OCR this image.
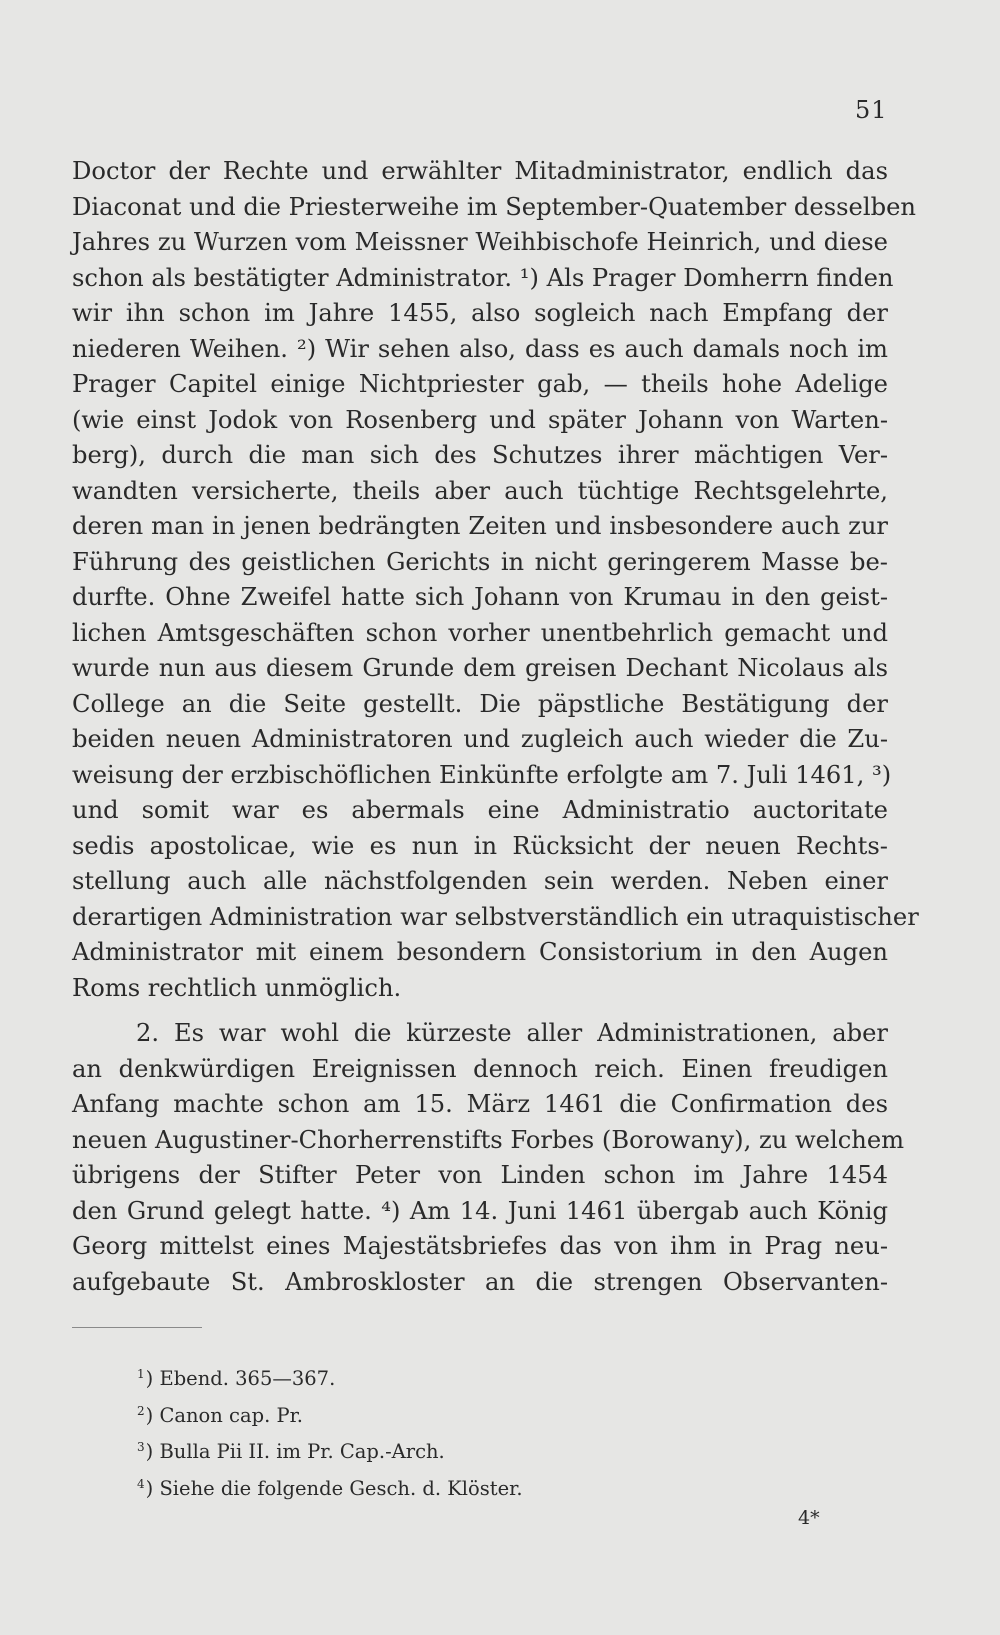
51
Doctor der Rechte und erwählter Mitadministrator, endlich das
Diaconat und die Priesterweihe im September-Quatember desselben
Jahres zu Wurzen vom Meissner Weihbischofe Heinrich, und diese
schon als bestätigter Administrator. ¹) Als Prager Domherrn finden
wir ihn schon im Jahre 1455, also sogleich nach Empfang der
niederen Weihen. ²) Wir sehen also, dass es auch damals noch im
Prager Capitel einige Nichtpriester gab, — theils hohe Adelige
(wie einst Jodok von Rosenberg und später Johann von Warten-
berg), durch die man sich des Schutzes ihrer mächtigen Ver-
wandten versicherte, theils aber auch tüchtige Rechtsgelehrte,
deren man in jenen bedrängten Zeiten und insbesondere auch zur
Führung des geistlichen Gerichts in nicht geringerem Masse be-
durfte. Ohne Zweifel hatte sich Johann von Krumau in den geist-
lichen Amtsgeschäften schon vorher unentbehrlich gemacht und
wurde nun aus diesem Grunde dem greisen Dechant Nicolaus als
College an die Seite gestellt. Die päpstliche Bestätigung der
beiden neuen Administratoren und zugleich auch wieder die Zu-
weisung der erzbischöflichen Einkünfte erfolgte am 7. Juli 1461, ³)
und somit war es abermals eine Administratio auctoritate
sedis apostolicae, wie es nun in Rücksicht der neuen Rechts-
stellung auch alle nächstfolgenden sein werden. Neben einer
derartigen Administration war selbstverständlich ein utraquistischer
Administrator mit einem besondern Consistorium in den Augen
Roms rechtlich unmöglich.
2. Es war wohl die kürzeste aller Administrationen, aber
an denkwürdigen Ereignissen dennoch reich. Einen freudigen
Anfang machte schon am 15. März 1461 die Confirmation des
neuen Augustiner-Chorherrenstifts Forbes (Borowany), zu welchem
übrigens der Stifter Peter von Linden schon im Jahre 1454
den Grund gelegt hatte. ⁴) Am 14. Juni 1461 übergab auch König
Georg mittelst eines Majestätsbriefes das von ihm in Prag neu-
aufgebaute St. Ambroskloster an die strengen Observanten-
$^1$) Ebend. 365—367.
$^2$) Canon cap. Pr.
$^3$) Bulla Pii II. im Pr. Cap.-Arch.
$^4$) Siehe die folgende Gesch. d. Klöster.
4*
